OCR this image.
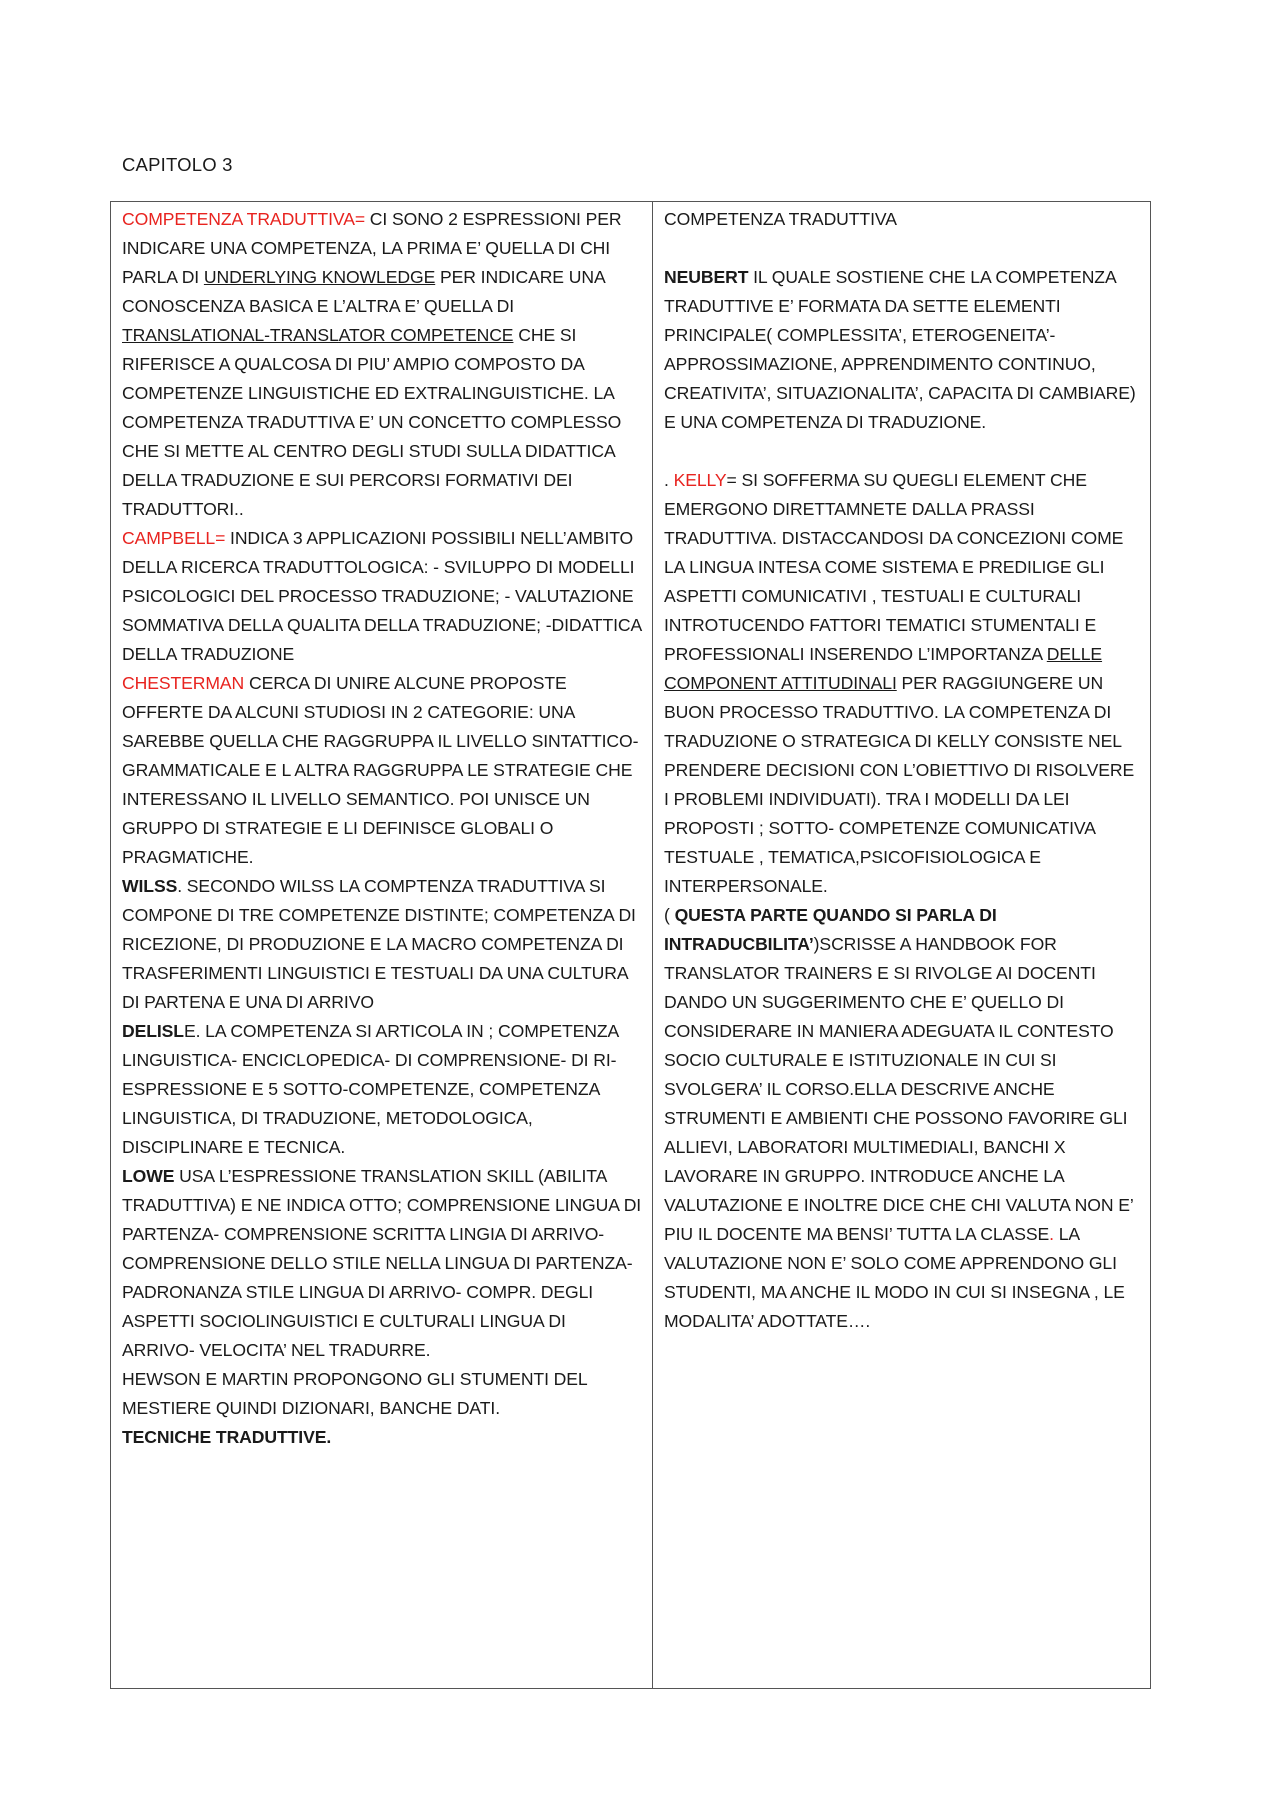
CAPITOLO 3

COMPETENZA TRADUTTIVA= CI SONO 2 ESPRESSIONI PER INDICARE UNA COMPETENZA, LA PRIMA E’ QUELLA DI CHI PARLA DI UNDERLYING KNOWLEDGE PER INDICARE UNA CONOSCENZA BASICA E L’ALTRA E’ QUELLA DI TRANSLATIONAL-TRANSLATOR COMPETENCE CHE SI RIFERISCE A QUALCOSA DI PIU’ AMPIO COMPOSTO DA COMPETENZE LINGUISTICHE ED EXTRALINGUISTICHE. LA COMPETENZA TRADUTTIVA E’ UN CONCETTO COMPLESSO CHE SI METTE AL CENTRO DEGLI STUDI SULLA DIDATTICA DELLA TRADUZIONE E SUI PERCORSI FORMATIVI DEI TRADUTTORI..

CAMPBELL= INDICA 3 APPLICAZIONI POSSIBILI NELL’AMBITO DELLA RICERCA TRADUTTOLOGICA: - SVILUPPO DI MODELLI PSICOLOGICI DEL PROCESSO TRADUZIONE; - VALUTAZIONE SOMMATIVA DELLA QUALITA DELLA TRADUZIONE; -DIDATTICA DELLA TRADUZIONE

CHESTERMAN CERCA DI UNIRE ALCUNE PROPOSTE OFFERTE DA ALCUNI STUDIOSI IN 2 CATEGORIE: UNA SAREBBE QUELLA CHE RAGGRUPPA IL LIVELLO SINTATTICO- GRAMMATICALE E L ALTRA RAGGRUPPA LE STRATEGIE CHE INTERESSANO IL LIVELLO SEMANTICO. POI UNISCE UN GRUPPO DI STRATEGIE E LI DEFINISCE GLOBALI O PRAGMATICHE.

WILSS. SECONDO WILSS LA COMPTENZA TRADUTTIVA SI COMPONE DI TRE COMPETENZE DISTINTE; COMPETENZA DI RICEZIONE, DI PRODUZIONE E LA MACRO COMPETENZA DI TRASFERIMENTI LINGUISTICI E TESTUALI DA UNA CULTURA DI PARTENA E UNA DI ARRIVO

DELISLE. LA COMPETENZA SI ARTICOLA IN ; COMPETENZA LINGUISTICA- ENCICLOPEDICA- DI COMPRENSIONE- DI RI-ESPRESSIONE E 5 SOTTO-COMPETENZE, COMPETENZA LINGUISTICA, DI TRADUZIONE, METODOLOGICA, DISCIPLINARE E TECNICA.

LOWE USA L’ESPRESSIONE TRANSLATION SKILL (ABILITA TRADUTTIVA) E NE INDICA OTTO; COMPRENSIONE LINGUA DI PARTENZA- COMPRENSIONE SCRITTA LINGIA DI ARRIVO- COMPRENSIONE DELLO STILE NELLA LINGUA DI PARTENZA- PADRONANZA STILE LINGUA DI ARRIVO- COMPR. DEGLI ASPETTI SOCIOLINGUISTICI E CULTURALI LINGUA DI ARRIVO- VELOCITA’ NEL TRADURRE.

HEWSON E MARTIN PROPONGONO GLI STUMENTI DEL MESTIERE QUINDI DIZIONARI, BANCHE DATI.

TECNICHE TRADUTTIVE.

COMPETENZA TRADUTTIVA

NEUBERT IL QUALE SOSTIENE CHE LA COMPETENZA TRADUTTIVE E’ FORMATA DA SETTE ELEMENTI PRINCIPALE( COMPLESSITA’, ETEROGENEITA’- APPROSSIMAZIONE, APPRENDIMENTO CONTINUO, CREATIVITA’, SITUAZIONALITA’, CAPACITA DI CAMBIARE) E UNA COMPETENZA DI TRADUZIONE.

. KELLY= SI SOFFERMA SU QUEGLI ELEMENT CHE EMERGONO DIRETTAMNETE DALLA PRASSI TRADUTTIVA. DISTACCANDOSI DA CONCEZIONI COME LA LINGUA INTESA COME SISTEMA E PREDILIGE GLI ASPETTI COMUNICATIVI , TESTUALI E CULTURALI INTROTUCENDO FATTORI TEMATICI STUMENTALI E PROFESSIONALI INSERENDO L’IMPORTANZA DELLE COMPONENT ATTITUDINALI PER RAGGIUNGERE UN BUON PROCESSO TRADUTTIVO. LA COMPETENZA DI TRADUZIONE O STRATEGICA DI KELLY CONSISTE NEL PRENDERE DECISIONI CON L’OBIETTIVO DI RISOLVERE I PROBLEMI INDIVIDUATI). TRA I MODELLI DA LEI PROPOSTI ; SOTTO- COMPETENZE COMUNICATIVA TESTUALE , TEMATICA,PSICOFISIOLOGICA E INTERPERSONALE.

( QUESTA PARTE QUANDO SI PARLA DI INTRADUCBILITA’)SCRISSE A HANDBOOK FOR TRANSLATOR TRAINERS E SI RIVOLGE AI DOCENTI DANDO UN SUGGERIMENTO CHE E’ QUELLO DI CONSIDERARE IN MANIERA ADEGUATA IL CONTESTO SOCIO CULTURALE E ISTITUZIONALE IN CUI SI SVOLGERA’ IL CORSO.ELLA DESCRIVE ANCHE STRUMENTI E AMBIENTI CHE POSSONO FAVORIRE GLI ALLIEVI, LABORATORI MULTIMEDIALI, BANCHI X LAVORARE IN GRUPPO. INTRODUCE ANCHE LA VALUTAZIONE E INOLTRE DICE CHE CHI VALUTA NON E’ PIU IL DOCENTE MA BENSI’ TUTTA LA CLASSE. LA VALUTAZIONE NON E’ SOLO COME APPRENDONO GLI STUDENTI, MA ANCHE IL MODO IN CUI SI INSEGNA , LE MODALITA’ ADOTTATE….
